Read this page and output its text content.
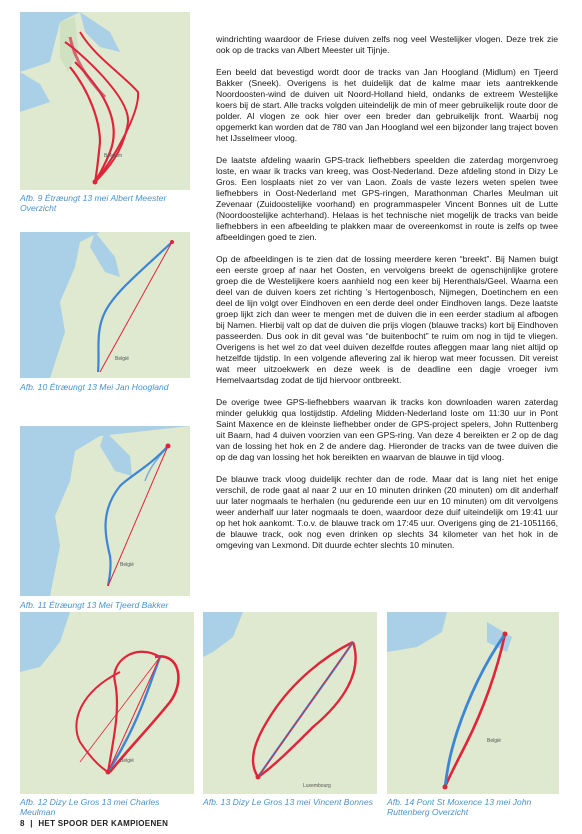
Belgium
Afb. 9 Étræungt 13 mei Albert Meester Overzicht
België
Afb. 10 Étræungt 13 Mei Jan Hoogland
België
Afb. 11 Étræungt 13 Mei Tjeerd Bakker

windrichting waardoor de Friese duiven zelfs nog veel Westelijker vlogen. Deze trek zie ook op de tracks van Albert Meester uit Tijnje.

Een beeld dat bevestigd wordt door de tracks van Jan Hoogland (Midlum) en Tjeerd Bakker (Sneek). Overigens is het duidelijk dat de kalme maar iets aantrekkende Noordoosten-wind de duiven uit Noord-Holland hield, ondanks de extreem Westelijke koers bij de start. Alle tracks volgden uiteindelijk de min of meer gebruikelijk route door de polder. Al vlogen ze ook hier over een breder dan gebruikelijk front. Waarbij nog opgemerkt kan worden dat de 780 van Jan Hoogland wel een bijzonder lang traject boven het IJsselmeer vloog.

De laatste afdeling waarin GPS-track liefhebbers speelden die zaterdag morgenvroeg loste, en waar ik tracks van kreeg, was Oost-Nederland. Deze afdeling stond in Dizy Le Gros. Een losplaats niet zo ver van Laon. Zoals de vaste lezers weten spelen twee liefhebbers in Oost-Nederland met GPS-ringen, Marathonman Charles Meulman uit Zevenaar (Zuidoostelijke voorhand) en programmaspeler Vincent Bonnes uit de Lutte (Noordoostelijke achterhand). Helaas is het technische niet mogelijk de tracks van beide liefhebbers in een afbeelding te plakken maar de overeenkomst in route is zelfs op twee afbeeldingen goed te zien.

Op de afbeeldingen is te zien dat de lossing meerdere keren “breekt”. Bij Namen buigt een eerste groep af naar het Oosten, en vervolgens breekt de ogenschijnlijke grotere groep die de Westelijkere koers aanhield nog een keer bij Herenthals/Geel. Waarna een deel van de duiven koers zet richting ’s Hertogenbosch, Nijmegen, Doetinchem en een deel de lijn volgt over Eindhoven en een derde deel onder Eindhoven langs. Deze laatste groep lijkt zich dan weer te mengen met de duiven die in een eerder stadium al afbogen bij Namen. Hierbij valt op dat de duiven die prijs vlogen (blauwe tracks) kort bij Eindhoven passeerden. Dus ook in dit geval was “de buitenbocht” te ruim om nog in tijd te vliegen. Overigens is het wel zo dat veel duiven dezelfde routes afleggen maar lang niet altijd op hetzelfde tijdstip. In een volgende aflevering zal ik hierop wat meer focussen. Dit vereist wat meer uitzoekwerk en deze week is de deadline een dagje vroeger ivm Hemelvaartsdag zodat de tijd hiervoor ontbreekt.

De overige twee GPS-liefhebbers waarvan ik tracks kon downloaden waren zaterdag minder gelukkig qua lostijdstip. Afdeling Midden-Nederland loste om 11:30 uur in Pont Saint Maxence en de kleinste liefhebber onder de GPS-project spelers, John Ruttenberg uit Baarn, had 4 duiven voorzien van een GPS-ring. Van deze 4 bereikten er 2 op de dag van de lossing het hok en 2 de andere dag. Hieronder de tracks van de twee duiven die op de dag van lossing het hok bereikten en waarvan de blauwe in tijd vloog.

De blauwe track vloog duidelijk rechter dan de rode. Maar dat is lang niet het enige verschil, de rode gaat al naar 2 uur en 10 minuten drinken (20 minuten) om dit anderhalf uur later nogmaals te herhalen (nu gedurende een uur en 10 minuten) om dit vervolgens weer anderhalf uur later nogmaals te doen, waardoor deze duif uiteindelijk om 19:41 uur op het hok aankomt. T.o.v. de blauwe track om 17:45 uur. Overigens ging de 21-1051166, de blauwe track, ook nog even drinken op slechts 34 kilometer van het hok in de omgeving van Lexmond. Dit duurde echter slechts 10 minuten.

België
Afb. 12 Dizy Le Gros 13 mei Charles Meulman
Luxembourg
Afb. 13 Dizy Le Gros 13 mei Vincent Bonnes
België
Afb. 14 Pont St Moxence 13 mei John Ruttenberg Overzicht
8 | HET SPOOR DER KAMPIOENEN
